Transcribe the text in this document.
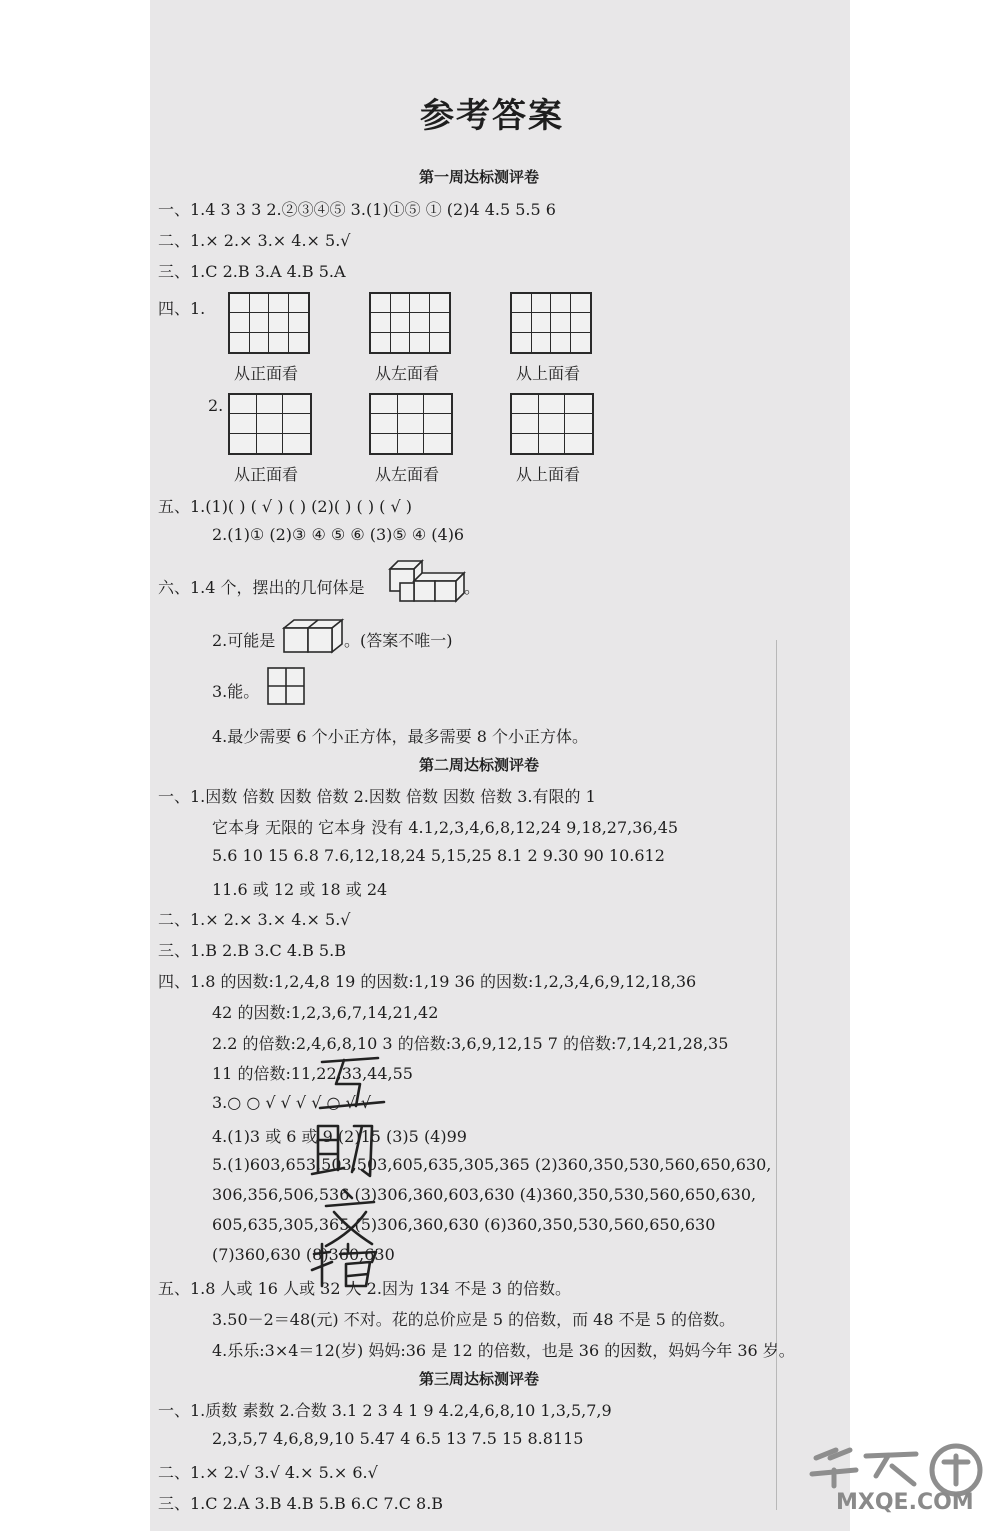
参考答案
第一周达标测评卷
一、1.4 3 3 3 2.②③④⑤ 3.(1)①⑤ ① (2)4 4.5 5.5 6
二、1.× 2.× 3.× 4.× 5.√
三、1.C 2.B 3.A 4.B 5.A
四、1.
从正面看	从左面看	从上面看
2.
从正面看	从左面看	从上面看
五、1.(1)( ) ( √ ) ( ) (2)( ) ( ) ( √ )
2.(1)① (2)③ ④ ⑤ ⑥ (3)⑤ ④ (4)6
六、1.4 个，摆出的几何体是	。
2.可能是	。(答案不唯一)
3.能。
4.最少需要 6 个小正方体，最多需要 8 个小正方体。
第二周达标测评卷
一、1.因数 倍数 因数 倍数 2.因数 倍数 因数 倍数 3.有限的 1
它本身 无限的 它本身 没有 4.1,2,3,4,6,8,12,24 9,18,27,36,45
5.6 10 15 6.8 7.6,12,18,24 5,15,25 8.1 2 9.30 90 10.612
11.6 或 12 或 18 或 24
二、1.× 2.× 3.× 4.× 5.√
三、1.B 2.B 3.C 4.B 5.B
四、1.8 的因数:1,2,4,8 19 的因数:1,19 36 的因数:1,2,3,4,6,9,12,18,36
42 的因数:1,2,3,6,7,14,21,42
2.2 的倍数:2,4,6,8,10 3 的倍数:3,6,9,12,15 7 的倍数:7,14,21,28,35
11 的倍数:11,22,33,44,55
3.○ ○ √ √ √ √ ○ √ √
4.(1)3 或 6 或 9 (2)15 (3)5 (4)99
5.(1)603,653,503,503,605,635,305,365 (2)360,350,530,560,650,630,
306,356,506,536 (3)306,360,603,630 (4)360,350,530,560,650,630,
605,635,305,365 (5)306,360,630 (6)360,350,530,560,650,630
(7)360,630 (8)360,630
五、1.8 人或 16 人或 32 人 2.因为 134 不是 3 的倍数。
3.50－2＝48(元) 不对。花的总价应是 5 的倍数，而 48 不是 5 的倍数。
4.乐乐:3×4＝12(岁) 妈妈:36 是 12 的倍数，也是 36 的因数，妈妈今年 36 岁。
第三周达标测评卷
一、1.质数 素数 2.合数 3.1 2 3 4 1 9 4.2,4,6,8,10 1,3,5,7,9
2,3,5,7 4,6,8,9,10 5.47 4 6.5 13 7.5 15 8.8115
二、1.× 2.√ 3.√ 4.× 5.× 6.√
三、1.C 2.A 3.B 4.B 5.B 6.C 7.C 8.B	MXQE.COM
